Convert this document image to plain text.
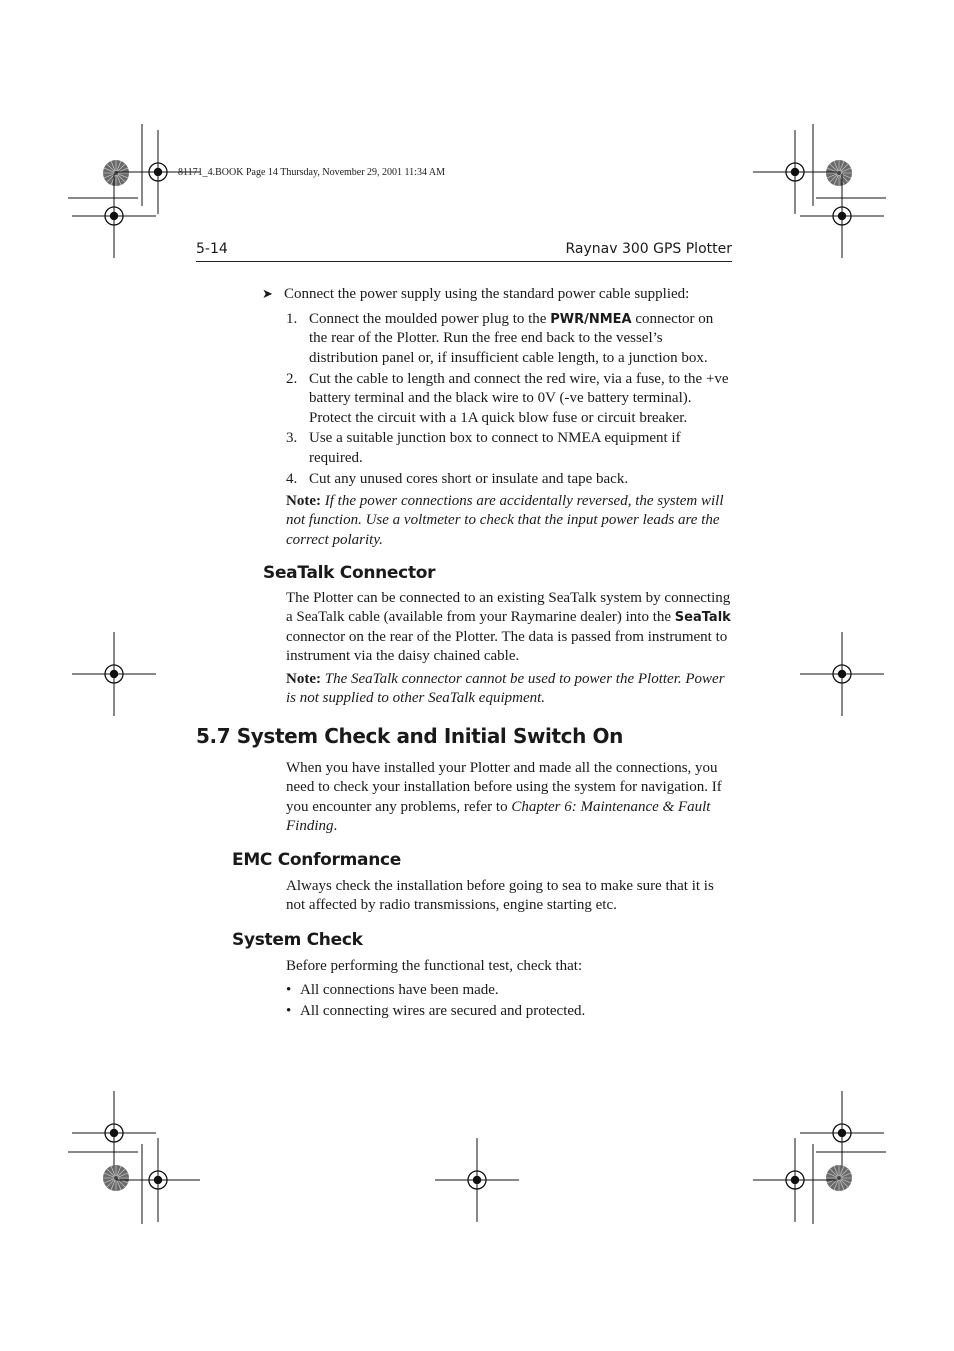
81171_4.BOOK Page 14 Thursday, November 29, 2001 11:34 AM
5-14	Raynav 300 GPS Plotter
➤ Connect the power supply using the standard power cable supplied:
1. Connect the moulded power plug to the PWR/NMEA connector on the rear of the Plotter. Run the free end back to the vessel’s distribution panel or, if insufficient cable length, to a junction box.
2. Cut the cable to length and connect the red wire, via a fuse, to the +ve battery terminal and the black wire to 0V (-ve battery terminal). Protect the circuit with a 1A quick blow fuse or circuit breaker.
3. Use a suitable junction box to connect to NMEA equipment if required.
4. Cut any unused cores short or insulate and tape back.
Note: If the power connections are accidentally reversed, the system will not function. Use a voltmeter to check that the input power leads are the correct polarity.
SeaTalk Connector
The Plotter can be connected to an existing SeaTalk system by connecting a SeaTalk cable (available from your Raymarine dealer) into the SeaTalk connector on the rear of the Plotter. The data is passed from instrument to instrument via the daisy chained cable.
Note: The SeaTalk connector cannot be used to power the Plotter. Power is not supplied to other SeaTalk equipment.
5.7 System Check and Initial Switch On
When you have installed your Plotter and made all the connections, you need to check your installation before using the system for navigation. If you encounter any problems, refer to Chapter 6: Maintenance & Fault Finding.
EMC Conformance
Always check the installation before going to sea to make sure that it is not affected by radio transmissions, engine starting etc.
System Check
Before performing the functional test, check that:
• All connections have been made.
• All connecting wires are secured and protected.
